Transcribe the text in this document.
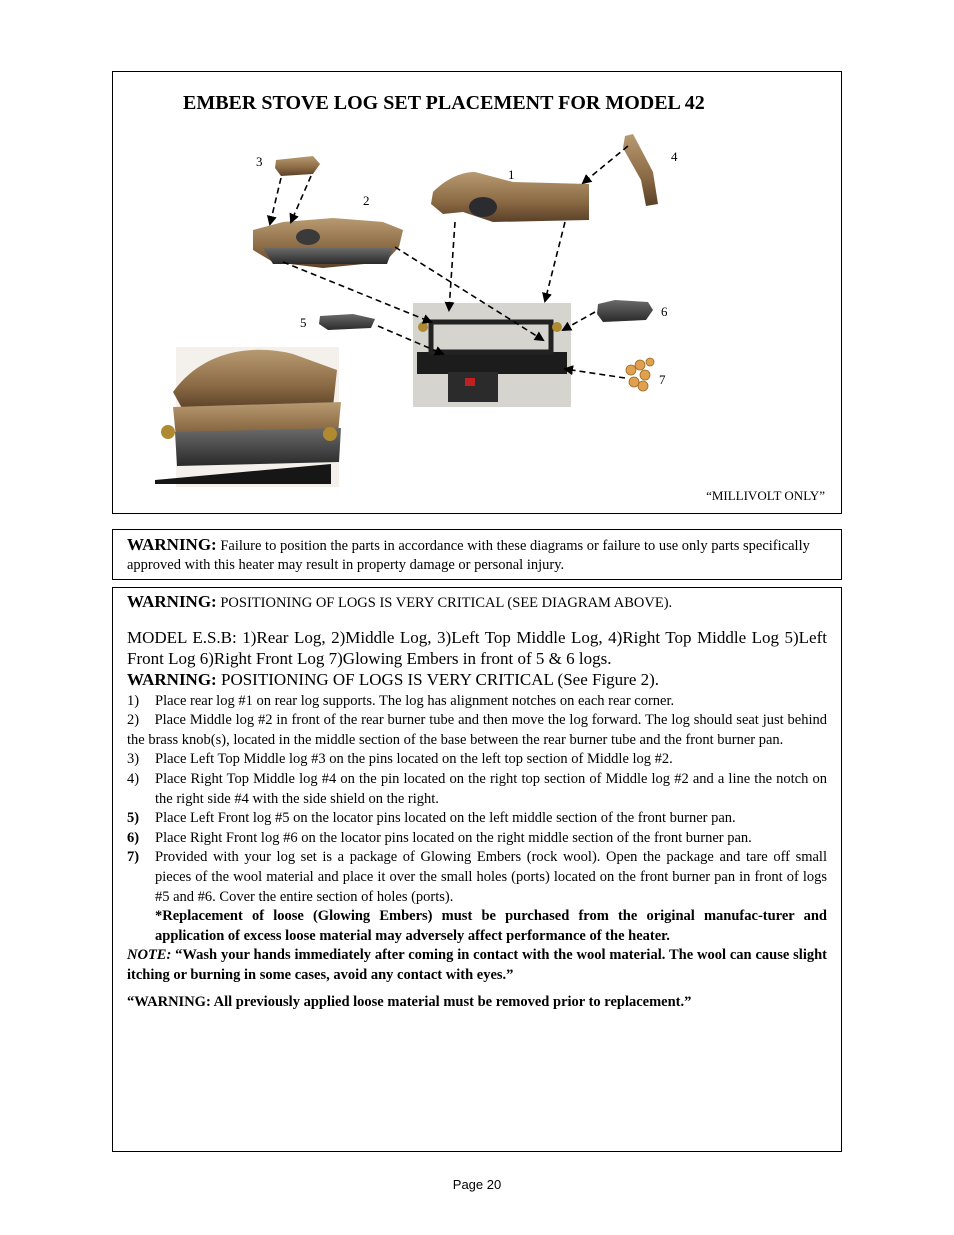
EMBER STOVE LOG SET PLACEMENT FOR MODEL 42
3
1
4
2
5
6
7
“MILLIVOLT ONLY”
WARNING: Failure to position the parts in accordance with these diagrams or failure to use only parts specifically approved with this heater may result in property damage or personal injury.

WARNING: POSITIONING OF LOGS IS VERY CRITICAL (SEE DIAGRAM ABOVE).

MODEL E.S.B: 1)Rear Log, 2)Middle Log, 3)Left Top Middle Log, 4)Right Top Middle Log 5)Left Front Log 6)Right Front Log 7)Glowing Embers in front of 5 & 6 logs.

WARNING: POSITIONING OF LOGS IS VERY CRITICAL (See Figure 2).

1) Place rear log #1 on rear log supports. The log has alignment notches on each rear corner.
2) Place Middle log #2 in front of the rear burner tube and then move the log forward. The log should seat just behind the brass knob(s), located in the middle section of the base between the rear burner tube and the front burner pan.
3) Place Left Top Middle log #3 on the pins located on the left top section of Middle log #2.
4) Place Right Top Middle log #4 on the pin located on the right top section of Middle log #2 and a line the notch on the right side #4 with the side shield on the right.
5) Place Left Front log #5 on the locator pins located on the left middle section of the front burner pan.
6) Place Right Front log #6 on the locator pins located on the right middle section of the front burner pan.
7) Provided with your log set is a package of Glowing Embers (rock wool). Open the package and tare off small pieces of the wool material and place it over the small holes (ports) located on the front burner pan in front of logs #5 and #6. Cover the entire section of holes (ports).
*Replacement of loose (Glowing Embers) must be purchased from the original manufac-turer and application of excess loose material may adversely affect performance of the heater.

NOTE: “Wash your hands immediately after coming in contact with the wool material. The wool can cause slight itching or burning in some cases, avoid any contact with eyes.”

“WARNING: All previously applied loose material must be removed prior to replacement.”

Page 20
